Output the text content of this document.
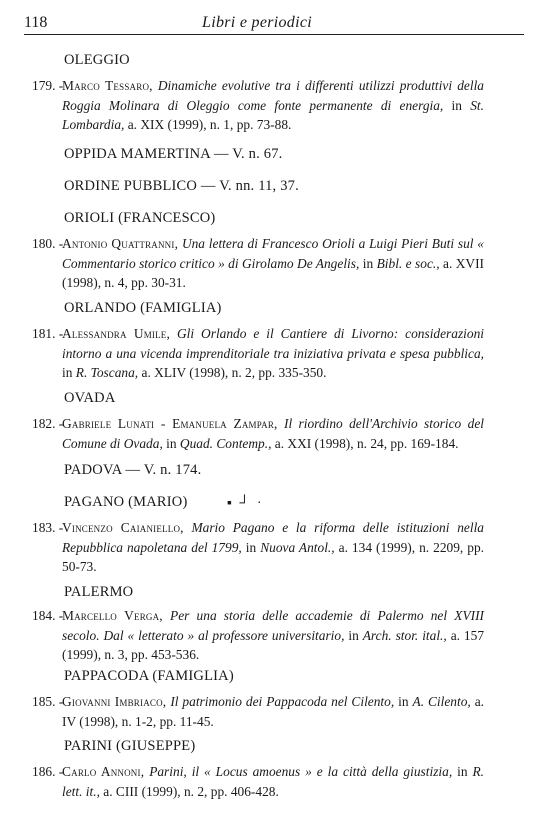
118	Libri e periodici
OLEGGIO
OPPIDA MAMERTINA — V. n. 67.
ORDINE PUBBLICO — V. nn. 11, 37.
ORIOLI (FRANCESCO)
ORLANDO (FAMIGLIA)
OVADA
PADOVA — V. n. 174.
PAGANO (MARIO)
PALERMO
PAPPACODA (FAMIGLIA)
PARINI (GIUSEPPE)
▪ ┘ ·
179. -
Marco Tessaro, Dinamiche evolutive tra i differenti utilizzi produttivi della Roggia Molinara di Oleggio come fonte permanente di energia, in St. Lombardia, a. XIX (1999), n. 1, pp. 73-88.
180. -
Antonio Quattranni, Una lettera di Francesco Orioli a Luigi Pieri Buti sul « Commentario storico critico » di Girolamo De Angelis, in Bibl. e soc., a. XVII (1998), n. 4, pp. 30-31.
181. -
Alessandra Umile, Gli Orlando e il Cantiere di Livorno: considerazioni intorno a una vicenda imprenditoriale tra iniziativa privata e spesa pubblica, in R. Toscana, a. XLIV (1998), n. 2, pp. 335-350.
182. -
Gabriele Lunati - Emanuela Zampar, Il riordino dell'Archivio storico del Comune di Ovada, in Quad. Contemp., a. XXI (1998), n. 24, pp. 169-184.
183. -
Vincenzo Caianiello, Mario Pagano e la riforma delle istituzioni nella Repubblica napoletana del 1799, in Nuova Antol., a. 134 (1999), n. 2209, pp. 50-73.
184. -
Marcello Verga, Per una storia delle accademie di Palermo nel XVIII secolo. Dal « letterato » al professore universitario, in Arch. stor. ital., a. 157 (1999), n. 3, pp. 453-536.
185. -
Giovanni Imbriaco, Il patrimonio dei Pappacoda nel Cilento, in A. Cilento, a. IV (1998), n. 1-2, pp. 11-45.
186. -
Carlo Annoni, Parini, il « Locus amoenus » e la città della giustizia, in R. lett. it., a. CIII (1999), n. 2, pp. 406-428.
